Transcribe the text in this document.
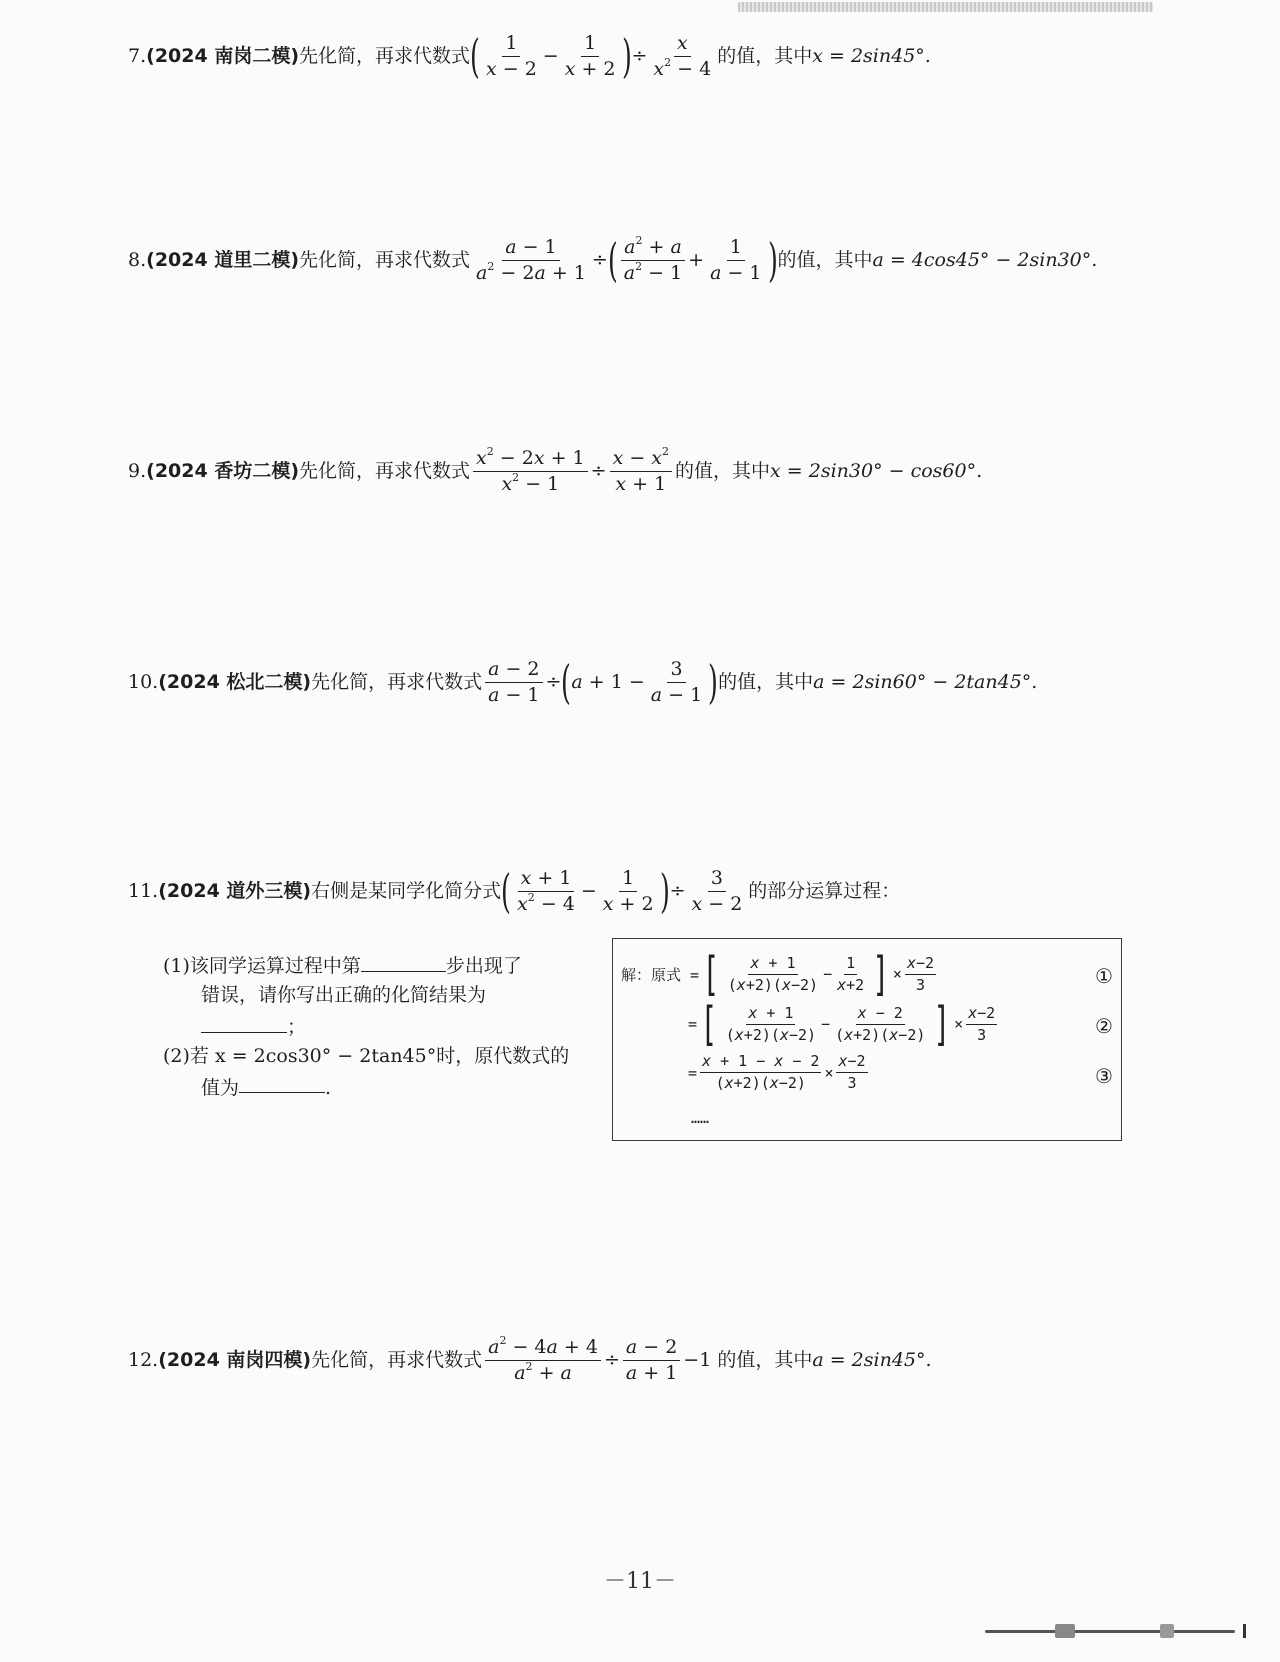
7. (2024 南岗二模) 先化简，再求代数式 ( $\frac{1}{x - 2} - \frac{1}{x + 2}$ ) ÷ $\frac{x}{x^2 - 4}$ 的值，其中 x = 2sin45°.
8. (2024 道里二模) 先化简，再求代数式 $\frac{a - 1}{a^2 - 2a + 1}$ ÷ ( $\frac{a^2 + a}{a^2 - 1} + \frac{1}{a - 1}$ ) 的值，其中 a = 4cos45° − 2sin30°.
9. (2024 香坊二模) 先化简，再求代数式 $\frac{x^2 - 2x + 1}{x^2 - 1} \div \frac{x - x^2}{x + 1}$ 的值，其中 x = 2sin30° − cos60°.
10. (2024 松北二模) 先化简，再求代数式 $\frac{a - 2}{a - 1}$ ÷ ( $a + 1 - \frac{3}{a - 1}$ ) 的值，其中 a = 2sin60° − 2tan45°.
11. (2024 道外三模) 右侧是某同学化简分式 ( $\frac{x + 1}{x^2 - 4} - \frac{1}{x + 2}$ ) ÷ $\frac{3}{x - 2}$ 的部分运算过程：
(1)该同学运算过程中第	步出现了
错误，请你写出正确的化简结果为
；
(2)若 x = 2cos30° − 2tan45°时，原代数式的
值为	.
解：原式 = [ $\frac{x + 1}{(x+2)(x-2)} - \frac{1}{x+2}$ ] × $\frac{x-2}{3}$	①
= [ $\frac{x + 1}{(x+2)(x-2)} - \frac{x - 2}{(x+2)(x-2)}$ ] × $\frac{x-2}{3}$	②
= $\frac{x + 1 - x - 2}{(x+2)(x-2)} \times \frac{x-2}{3}$	③
……
12. (2024 南岗四模) 先化简，再求代数式 $\frac{a^2 - 4a + 4}{a^2 + a} \div \frac{a - 2}{a + 1} -1$ 的值，其中 a = 2sin45°.
－11－
